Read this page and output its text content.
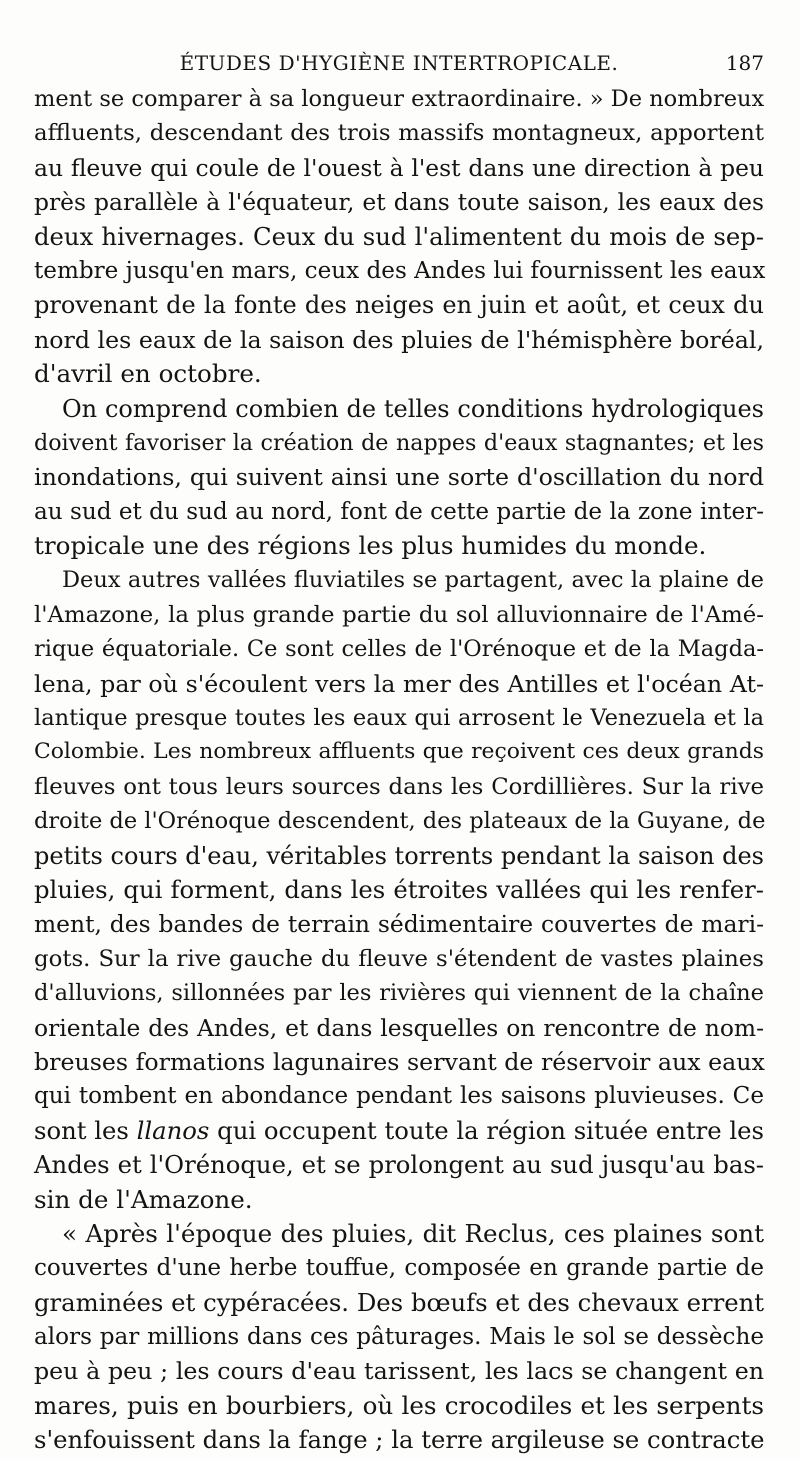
ÉTUDES D'HYGIÈNE INTERTROPICALE.	187
ment se comparer à sa longueur extraordinaire. » De nombreux
affluents, descendant des trois massifs montagneux, apportent
au fleuve qui coule de l'ouest à l'est dans une direction à peu
près parallèle à l'équateur, et dans toute saison, les eaux des
deux hivernages. Ceux du sud l'alimentent du mois de sep-
tembre jusqu'en mars, ceux des Andes lui fournissent les eaux
provenant de la fonte des neiges en juin et août, et ceux du
nord les eaux de la saison des pluies de l'hémisphère boréal,
d'avril en octobre.
On comprend combien de telles conditions hydrologiques
doivent favoriser la création de nappes d'eaux stagnantes; et les
inondations, qui suivent ainsi une sorte d'oscillation du nord
au sud et du sud au nord, font de cette partie de la zone inter-
tropicale une des régions les plus humides du monde.
Deux autres vallées fluviatiles se partagent, avec la plaine de
l'Amazone, la plus grande partie du sol alluvionnaire de l'Amé-
rique équatoriale. Ce sont celles de l'Orénoque et de la Magda-
lena, par où s'écoulent vers la mer des Antilles et l'océan At-
lantique presque toutes les eaux qui arrosent le Venezuela et la
Colombie. Les nombreux affluents que reçoivent ces deux grands
fleuves ont tous leurs sources dans les Cordillières. Sur la rive
droite de l'Orénoque descendent, des plateaux de la Guyane, de
petits cours d'eau, véritables torrents pendant la saison des
pluies, qui forment, dans les étroites vallées qui les renfer-
ment, des bandes de terrain sédimentaire couvertes de mari-
gots. Sur la rive gauche du fleuve s'étendent de vastes plaines
d'alluvions, sillonnées par les rivières qui viennent de la chaîne
orientale des Andes, et dans lesquelles on rencontre de nom-
breuses formations lagunaires servant de réservoir aux eaux
qui tombent en abondance pendant les saisons pluvieuses. Ce
sont les llanos qui occupent toute la région située entre les
Andes et l'Orénoque, et se prolongent au sud jusqu'au bas-
sin de l'Amazone.
« Après l'époque des pluies, dit Reclus, ces plaines sont
couvertes d'une herbe touffue, composée en grande partie de
graminées et cypéracées. Des bœufs et des chevaux errent
alors par millions dans ces pâturages. Mais le sol se dessèche
peu à peu ; les cours d'eau tarissent, les lacs se changent en
mares, puis en bourbiers, où les crocodiles et les serpents
s'enfouissent dans la fange ; la terre argileuse se contracte
